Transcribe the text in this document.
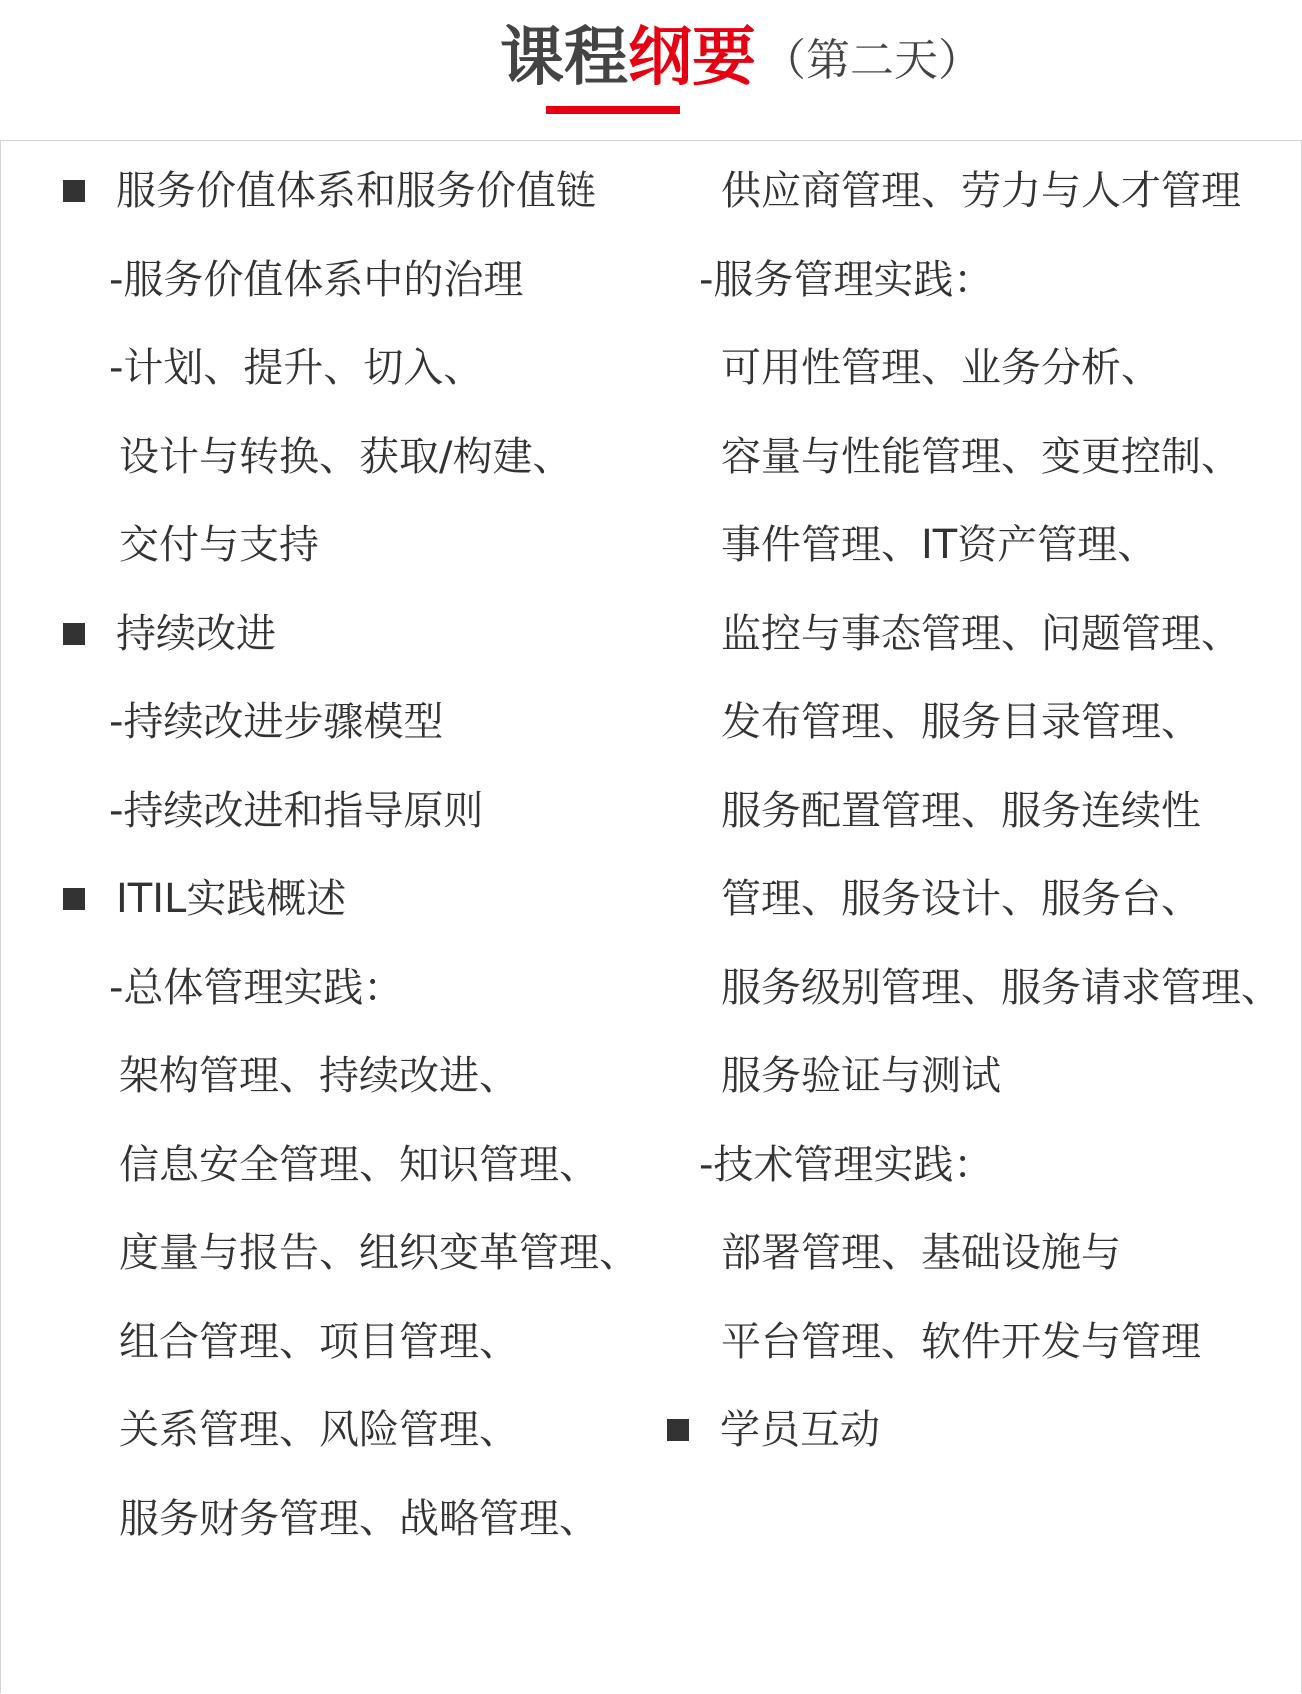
课程纲要 （第二天）
服务价值体系和服务价值链
-服务价值体系中的治理
-计划、提升、切入、
设计与转换、获取/构建、
交付与支持
持续改进
-持续改进步骤模型
-持续改进和指导原则
ITIL实践概述
-总体管理实践：
架构管理、持续改进、
信息安全管理、知识管理、
度量与报告、组织变革管理、
组合管理、项目管理、
关系管理、风险管理、
服务财务管理、战略管理、
供应商管理、劳力与人才管理
-服务管理实践：
可用性管理、业务分析、
容量与性能管理、变更控制、
事件管理、IT资产管理、
监控与事态管理、问题管理、
发布管理、服务目录管理、
服务配置管理、服务连续性
管理、服务设计、服务台、
服务级别管理、服务请求管理、
服务验证与测试
-技术管理实践：
部署管理、基础设施与
平台管理、软件开发与管理
学员互动
